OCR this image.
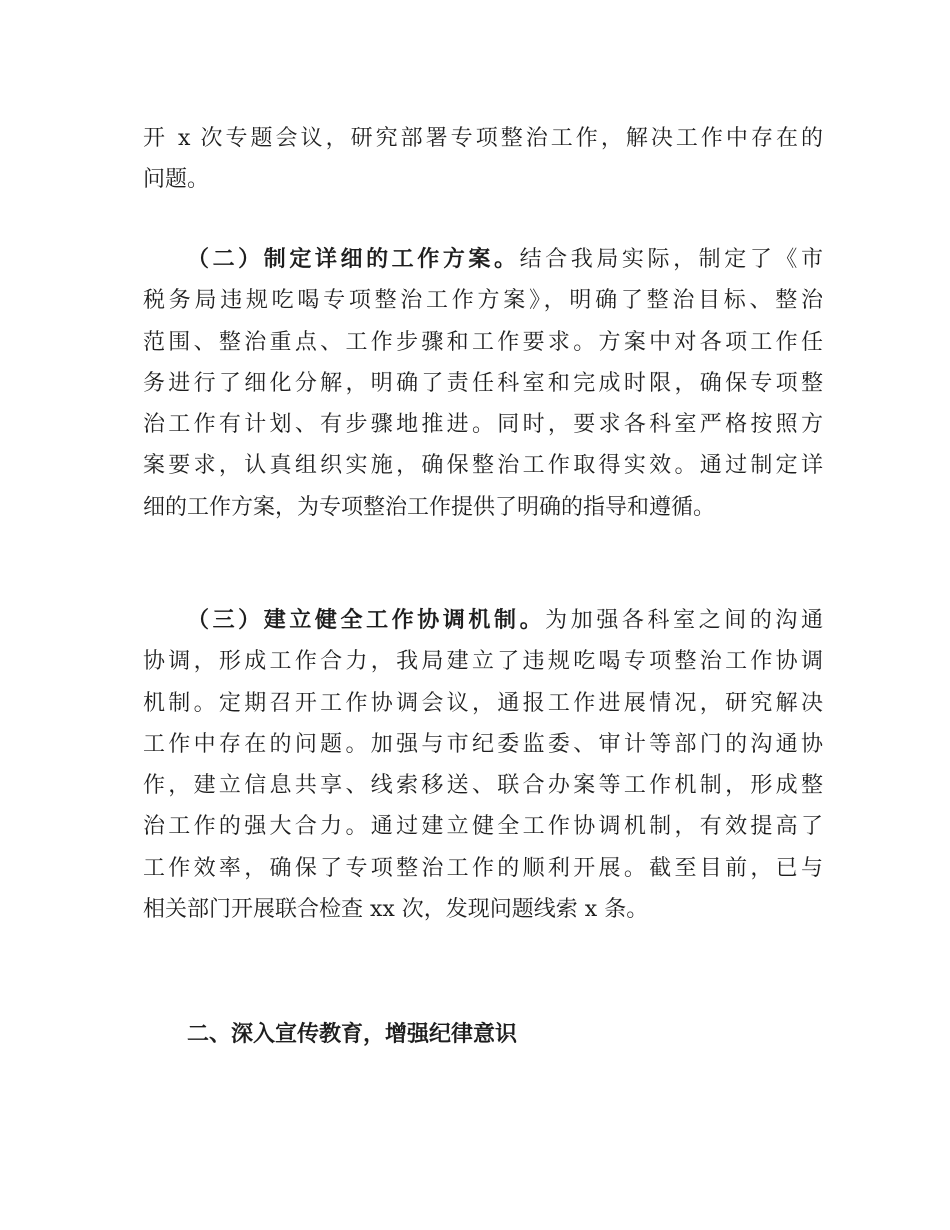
开 x 次专题会议，研究部署专项整治工作，解决工作中存在的
问题。
（二）制定详细的工作方案。结合我局实际，制定了《市
税务局违规吃喝专项整治工作方案》，明确了整治目标、整治
范围、整治重点、工作步骤和工作要求。方案中对各项工作任
务进行了细化分解，明确了责任科室和完成时限，确保专项整
治工作有计划、有步骤地推进。同时，要求各科室严格按照方
案要求，认真组织实施，确保整治工作取得实效。通过制定详
细的工作方案，为专项整治工作提供了明确的指导和遵循。
（三）建立健全工作协调机制。为加强各科室之间的沟通
协调，形成工作合力，我局建立了违规吃喝专项整治工作协调
机制。定期召开工作协调会议，通报工作进展情况，研究解决
工作中存在的问题。加强与市纪委监委、审计等部门的沟通协
作，建立信息共享、线索移送、联合办案等工作机制，形成整
治工作的强大合力。通过建立健全工作协调机制，有效提高了
工作效率，确保了专项整治工作的顺利开展。截至目前，已与
相关部门开展联合检查 xx 次，发现问题线索 x 条。
二、深入宣传教育，增强纪律意识
